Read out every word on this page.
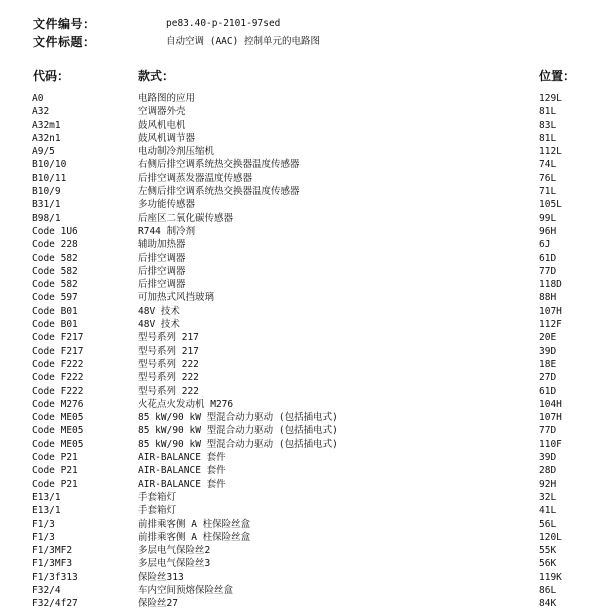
文件编号：	pe83.40-p-2101-97sed
文件标题：	自动空调 (AAC) 控制单元的电路图
代码：	款式：	位置：
A0	电路图的应用	129L
A32	空调器外壳	81L
A32m1	鼓风机电机	83L
A32n1	鼓风机调节器	81L
A9/5	电动制冷剂压缩机	112L
B10/10	右侧后排空调系统热交换器温度传感器	74L
B10/11	后排空调蒸发器温度传感器	76L
B10/9	左侧后排空调系统热交换器温度传感器	71L
B31/1	多功能传感器	105L
B98/1	后座区二氧化碳传感器	99L
Code 1U6	R744 制冷剂	96H
Code 228	辅助加热器	6J
Code 582	后排空调器	61D
Code 582	后排空调器	77D
Code 582	后排空调器	118D
Code 597	可加热式风挡玻璃	88H
Code B01	48V 技术	107H
Code B01	48V 技术	112F
Code F217	型号系列 217	20E
Code F217	型号系列 217	39D
Code F222	型号系列 222	18E
Code F222	型号系列 222	27D
Code F222	型号系列 222	61D
Code M276	火花点火发动机 M276	104H
Code ME05	85 kW/90 kW 型混合动力驱动 (包括插电式)	107H
Code ME05	85 kW/90 kW 型混合动力驱动 (包括插电式)	77D
Code ME05	85 kW/90 kW 型混合动力驱动 (包括插电式)	110F
Code P21	AIR-BALANCE 套件	39D
Code P21	AIR-BALANCE 套件	28D
Code P21	AIR-BALANCE 套件	92H
E13/1	手套箱灯	32L
E13/1	手套箱灯	41L
F1/3	前排乘客侧 A 柱保险丝盒	56L
F1/3	前排乘客侧 A 柱保险丝盒	120L
F1/3MF2	多层电气保险丝2	55K
F1/3MF3	多层电气保险丝3	56K
F1/3f313	保险丝313	119K
F32/4	车内空间预熔保险丝盒	86L
F32/4f27	保险丝27	84K
